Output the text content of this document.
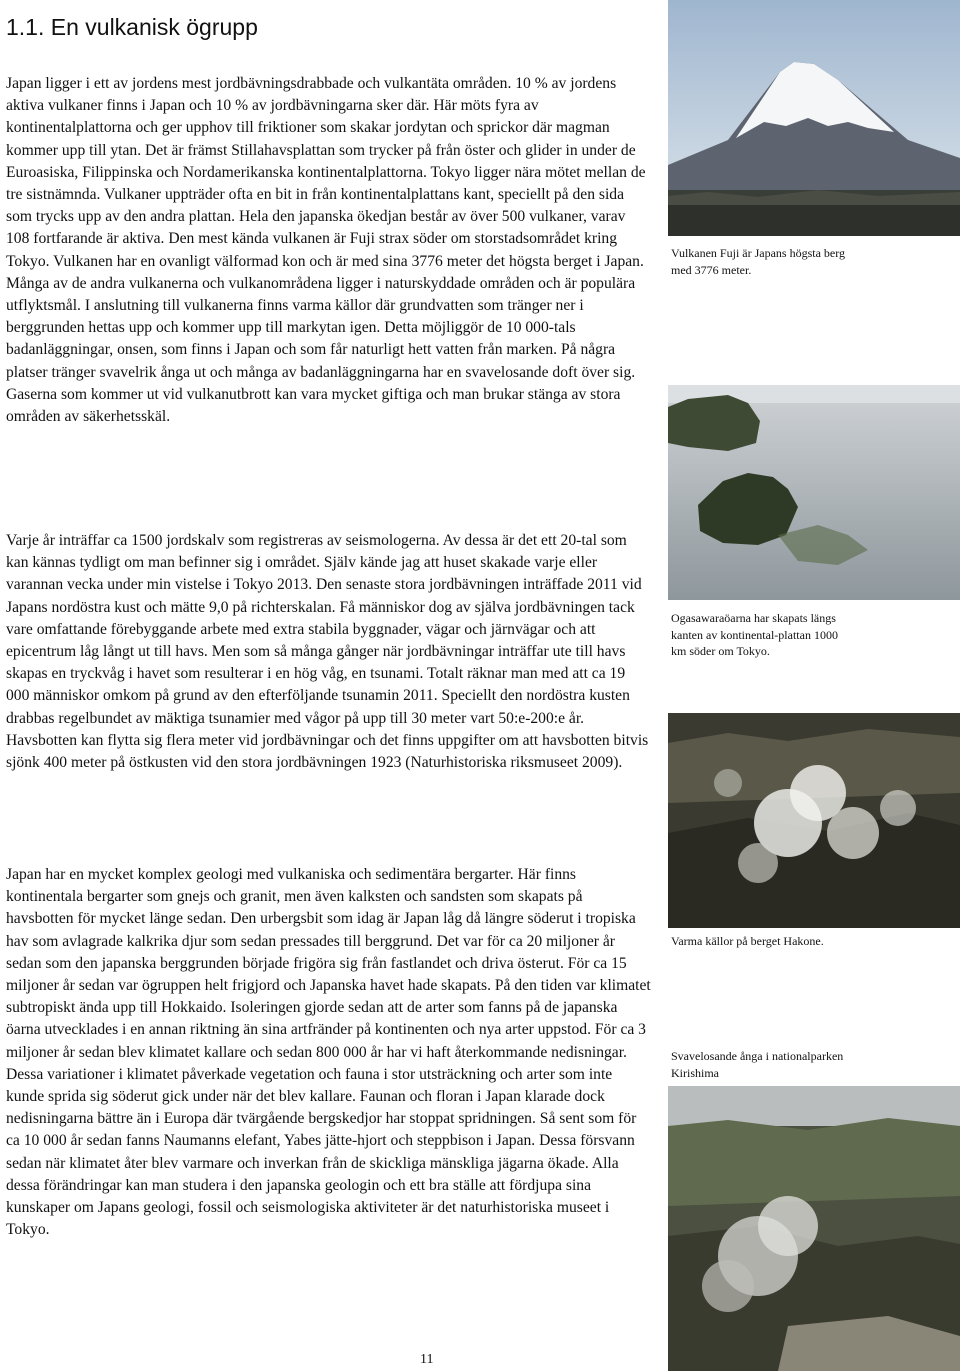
1.1. En vulkanisk ögrupp

Japan ligger i ett av jordens mest jordbävningsdrabbade och vulkantäta områden. 10 % av jordens aktiva vulkaner finns i Japan och 10 % av jordbävningarna sker där. Här möts fyra av kontinentalplattorna och ger upphov till friktioner som skakar jordytan och sprickor där magman kommer upp till ytan. Det är främst Stillahavsplattan som trycker på från öster och glider in under de Euroasiska, Filippinska och Nordamerikanska kontinentalplattorna. Tokyo ligger nära mötet mellan de tre sistnämnda. Vulkaner uppträder ofta en bit in från kontinentalplattans kant, speciellt på den sida som trycks upp av den andra plattan. Hela den japanska ökedjan består av över 500 vulkaner, varav 108 fortfarande är aktiva. Den mest kända vulkanen är Fuji strax söder om storstadsområdet kring Tokyo. Vulkanen har en ovanligt välformad kon och är med sina 3776 meter det högsta berget i Japan. Många av de andra vulkanerna och vulkanområdena ligger i naturskyddade områden och är populära utflyktsmål. I anslutning till vulkanerna finns varma källor där grundvatten som tränger ner i berggrunden hettas upp och kommer upp till markytan igen. Detta möjliggör de 10 000-tals badanläggningar, onsen, som finns i Japan och som får naturligt hett vatten från marken. På några platser tränger svavelrik ånga ut och många av badanläggningarna har en svavelosande doft över sig. Gaserna som kommer ut vid vulkanutbrott kan vara mycket giftiga och man brukar stänga av stora områden av säkerhetsskäl.

Varje år inträffar ca 1500 jordskalv som registreras av seismologerna. Av dessa är det ett 20-tal som kan kännas tydligt om man befinner sig i området. Själv kände jag att huset skakade varje eller varannan vecka under min vistelse i Tokyo 2013. Den senaste stora jordbävningen inträffade 2011 vid Japans nordöstra kust och mätte 9,0 på richterskalan. Få människor dog av själva jordbävningen tack vare omfattande förebyggande arbete med extra stabila byggnader, vägar och järnvägar och att epicentrum låg långt ut till havs. Men som så många gånger när jordbävningar inträffar ute till havs skapas en tryckvåg i havet som resulterar i en hög våg, en tsunami. Totalt räknar man med att ca 19 000 människor omkom på grund av den efterföljande tsunamin 2011. Speciellt den nordöstra kusten drabbas regelbundet av mäktiga tsunamier med vågor på upp till 30 meter vart 50:e-200:e år. Havsbotten kan flytta sig flera meter vid jordbävningar och det finns uppgifter om att havsbotten bitvis sjönk 400 meter på östkusten vid den stora jordbävningen 1923 (Naturhistoriska riksmuseet 2009).

Japan har en mycket komplex geologi med vulkaniska och sedimentära bergarter. Här finns kontinentala bergarter som gnejs och granit, men även kalksten och sandsten som skapats på havsbotten för mycket länge sedan. Den urbergsbit som idag är Japan låg då längre söderut i tropiska hav som avlagrade kalkrika djur som sedan pressades till berggrund. Det var för ca 20 miljoner år sedan som den japanska berggrunden började frigöra sig från fastlandet och driva österut. För ca 15 miljoner år sedan var ögruppen helt frigjord och Japanska havet hade skapats. På den tiden var klimatet subtropiskt ända upp till Hokkaido. Isoleringen gjorde sedan att de arter som fanns på de japanska öarna utvecklades i en annan riktning än sina artfränder på kontinenten och nya arter uppstod. För ca 3 miljoner år sedan blev klimatet kallare och sedan 800 000 år har vi haft återkommande nedisningar. Dessa variationer i klimatet påverkade vegetation och fauna i stor utsträckning och arter som inte kunde sprida sig söderut gick under när det blev kallare. Faunan och floran i Japan klarade dock nedisningarna bättre än i Europa där tvärgående bergskedjor har stoppat spridningen. Så sent som för ca 10 000 år sedan fanns Naumanns elefant, Yabes jätte-hjort och steppbison i Japan. Dessa försvann sedan när klimatet åter blev varmare och inverkan från de skickliga mänskliga jägarna ökade. Alla dessa förändringar kan man studera i den japanska geologin och ett bra ställe att fördjupa sina kunskaper om Japans geologi, fossil och seismologiska aktiviteter är det naturhistoriska museet i Tokyo.

Vulkanen Fuji är Japans högsta berg med 3776 meter.

Ogasawaraöarna har skapats längs kanten av kontinental-plattan 1000 km söder om Tokyo.

Varma källor på berget Hakone.

Svavelosande ånga i nationalparken Kirishima

11
